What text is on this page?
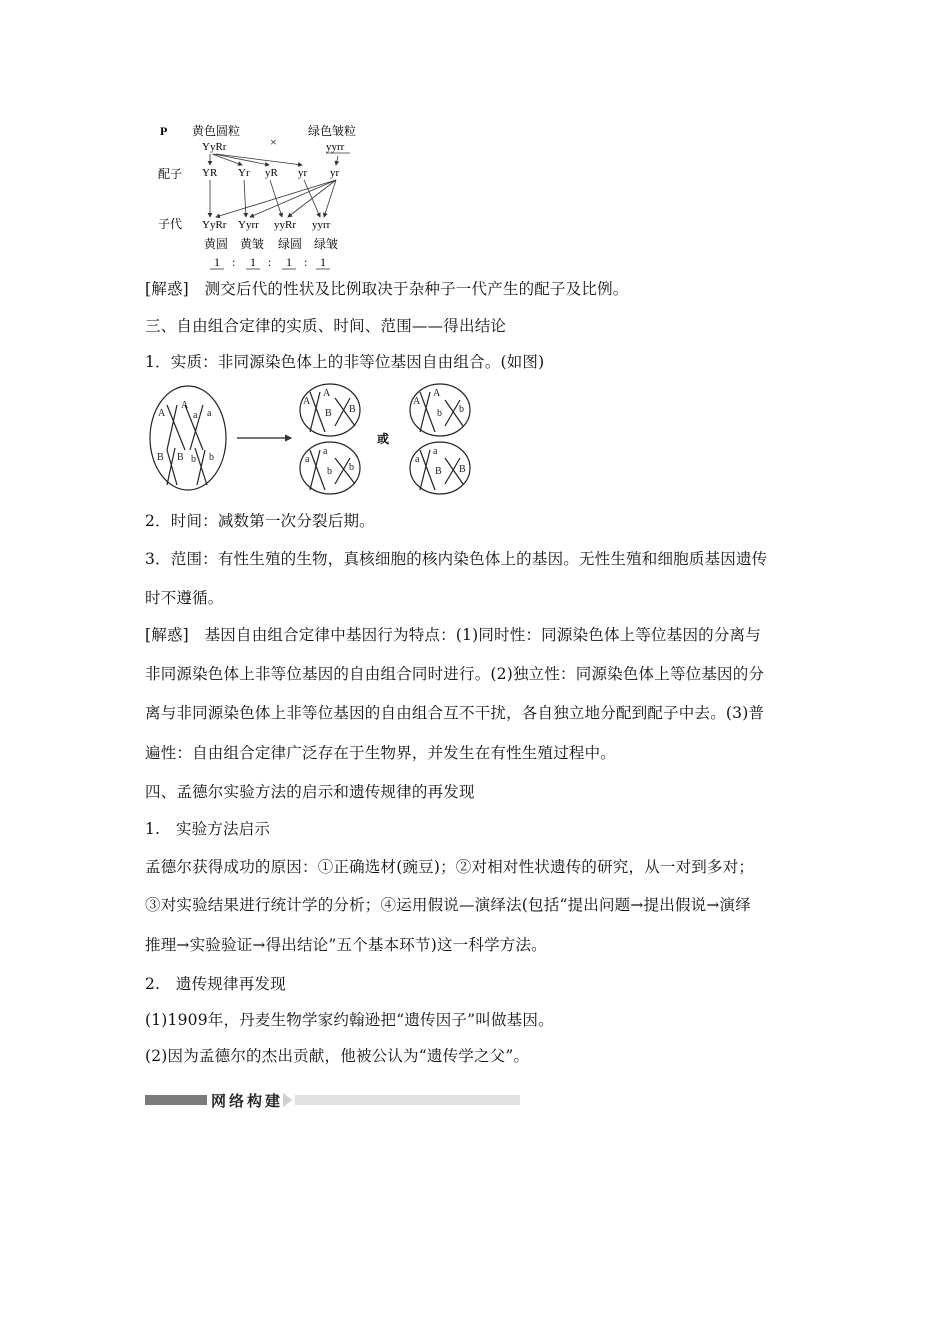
P 黄色圆粒
×
绿色皱粒
YyRr	yyrr
配子 YR Yr yR yr yr
子代 YyRr Yyrr yyRr yyrr
黄圆 黄皱 绿圆 绿皱
1 : 1 : 1 : 1
[解惑]　测交后代的性状及比例取决于杂种子一代产生的配子及比例。
三、自由组合定律的实质、时间、范围——得出结论
1．实质：非同源染色体上的非等位基因自由组合。(如图)
A
A
a a
B B b b
A
A
B B
A
A
b b
a
a
b b
a
a
B B
或
2．时间：减数第一次分裂后期。
3．范围：有性生殖的生物，真核细胞的核内染色体上的基因。无性生殖和细胞质基因遗传
时不遵循。
[解惑]　基因自由组合定律中基因行为特点：(1)同时性：同源染色体上等位基因的分离与
非同源染色体上非等位基因的自由组合同时进行。(2)独立性：同源染色体上等位基因的分
离与非同源染色体上非等位基因的自由组合互不干扰，各自独立地分配到配子中去。(3)普
遍性：自由组合定律广泛存在于生物界，并发生在有性生殖过程中。
四、孟德尔实验方法的启示和遗传规律的再发现
1.　实验方法启示
孟德尔获得成功的原因：①正确选材(豌豆)；②对相对性状遗传的研究，从一对到多对；
③对实验结果进行统计学的分析；④运用假说—演绎法(包括“提出问题→提出假说→演绎
推理→实验验证→得出结论”五个基本环节)这一科学方法。
2.　遗传规律再发现
(1)1909年，丹麦生物学家约翰逊把“遗传因子”叫做基因。
(2)因为孟德尔的杰出贡献，他被公认为“遗传学之父”。
网络构建
